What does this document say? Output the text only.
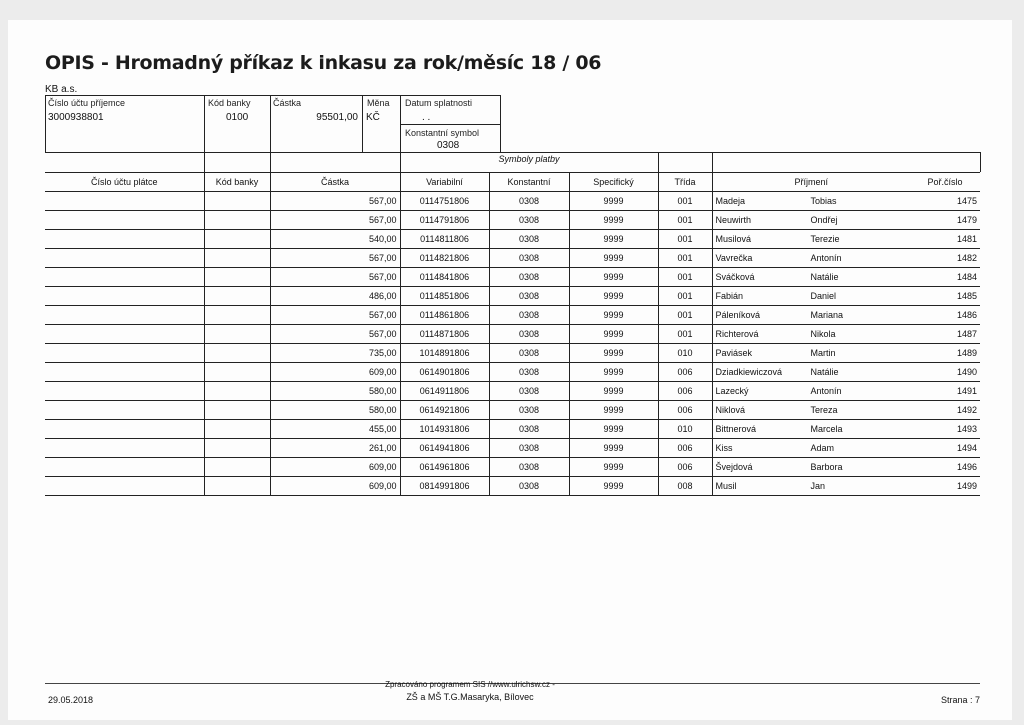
OPIS - Hromadný příkaz k inkasu za rok/měsíc 18 / 06
KB a.s.
Číslo účtu příjemce
3000938801
Kód banky
0100
Částka
95501,00
Měna
KČ
Datum splatnosti
. .
Konstantní symbol
0308
Symboly platby
Číslo účtu plátce	Kód banky	Částka	Variabilní	Konstantní	Specifický	Třída	Příjmení	Poř.číslo
		567,00	0114751806	0308	9999	001	Madeja Tobias	1475
		567,00	0114791806	0308	9999	001	Neuwirth Ondřej	1479
		540,00	0114811806	0308	9999	001	Musilová Terezie	1481
		567,00	0114821806	0308	9999	001	Vavrečka Antonín	1482
		567,00	0114841806	0308	9999	001	Sváčková Natálie	1484
		486,00	0114851806	0308	9999	001	Fabián Daniel	1485
		567,00	0114861806	0308	9999	001	Páleníková Mariana	1486
		567,00	0114871806	0308	9999	001	Richterová Nikola	1487
		735,00	1014891806	0308	9999	010	Paviásek Martin	1489
		609,00	0614901806	0308	9999	006	Dziadkiewiczová Natálie	1490
		580,00	0614911806	0308	9999	006	Lazecký Antonín	1491
		580,00	0614921806	0308	9999	006	Niklová Tereza	1492
		455,00	1014931806	0308	9999	010	Bittnerová Marcela	1493
		261,00	0614941806	0308	9999	006	Kiss Adam	1494
		609,00	0614961806	0308	9999	006	Švejdová Barbora	1496
		609,00	0814991806	0308	9999	008	Musil Jan	1499
29.05.2018
Zpracováno programem SIS //www.ulrichsw.cz -
ZŠ a MŠ T.G.Masaryka, Bílovec	Strana : 7
